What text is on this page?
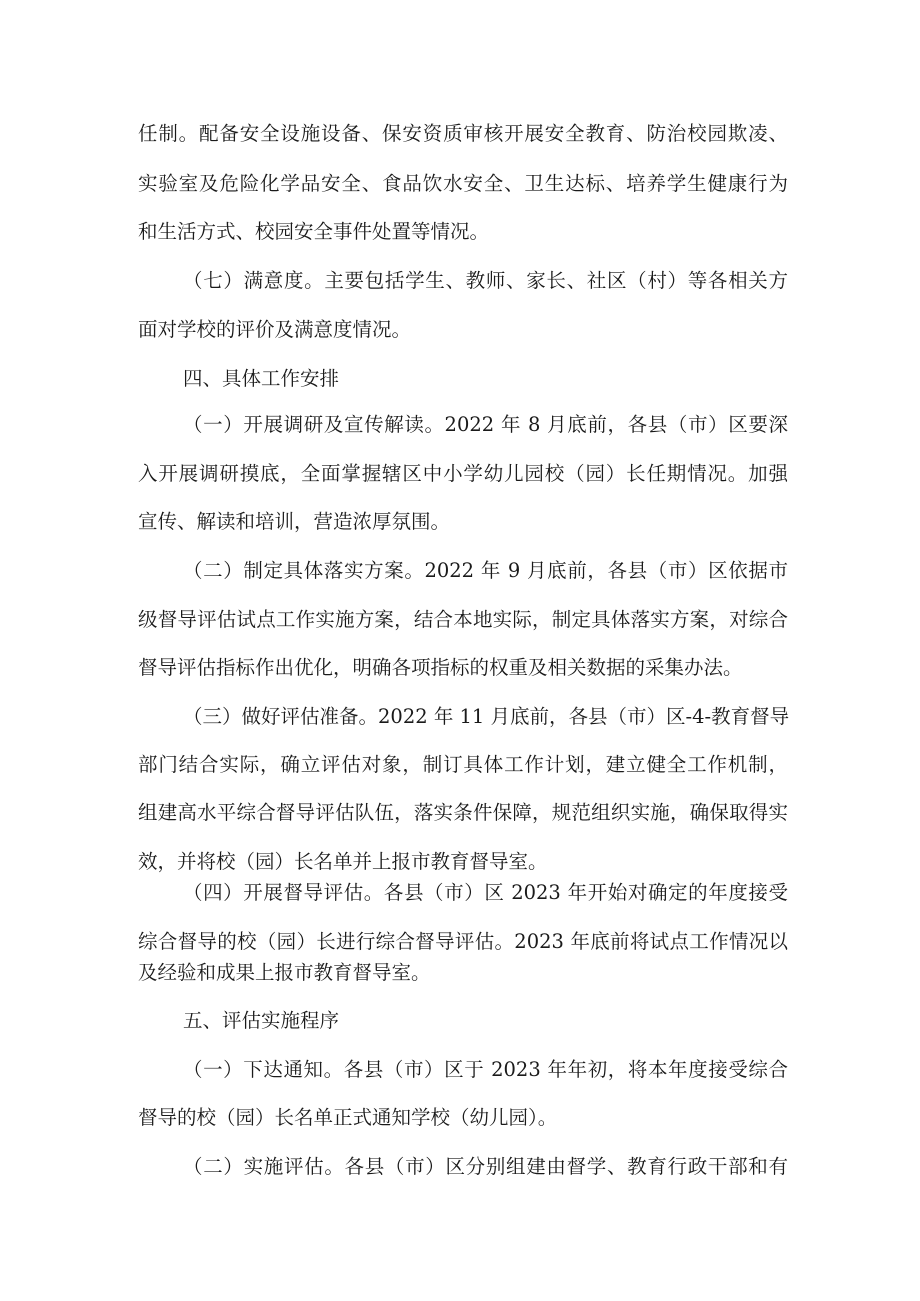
任制。配备安全设施设备、保安资质审核开展安全教育、防治校园欺凌、
实验室及危险化学品安全、食品饮水安全、卫生达标、培养学生健康行为
和生活方式、校园安全事件处置等情况。
（七）满意度。主要包括学生、教师、家长、社区（村）等各相关方
面对学校的评价及满意度情况。
四、具体工作安排
（一）开展调研及宣传解读。2022 年 8 月底前，各县（市）区要深
入开展调研摸底，全面掌握辖区中小学幼儿园校（园）长任期情况。加强
宣传、解读和培训，营造浓厚氛围。
（二）制定具体落实方案。2022 年 9 月底前，各县（市）区依据市
级督导评估试点工作实施方案，结合本地实际，制定具体落实方案，对综合
督导评估指标作出优化，明确各项指标的权重及相关数据的采集办法。
（三）做好评估准备。2022 年 11 月底前，各县（市）区-4-教育督导
部门结合实际，确立评估对象，制订具体工作计划，建立健全工作机制，
组建高水平综合督导评估队伍，落实条件保障，规范组织实施，确保取得实
效，并将校（园）长名单并上报市教育督导室。
（四）开展督导评估。各县（市）区 2023 年开始对确定的年度接受
综合督导的校（园）长进行综合督导评估。2023 年底前将试点工作情况以
及经验和成果上报市教育督导室。
五、评估实施程序
（一）下达通知。各县（市）区于 2023 年年初，将本年度接受综合
督导的校（园）长名单正式通知学校（幼儿园）。
（二）实施评估。各县（市）区分别组建由督学、教育行政干部和有
